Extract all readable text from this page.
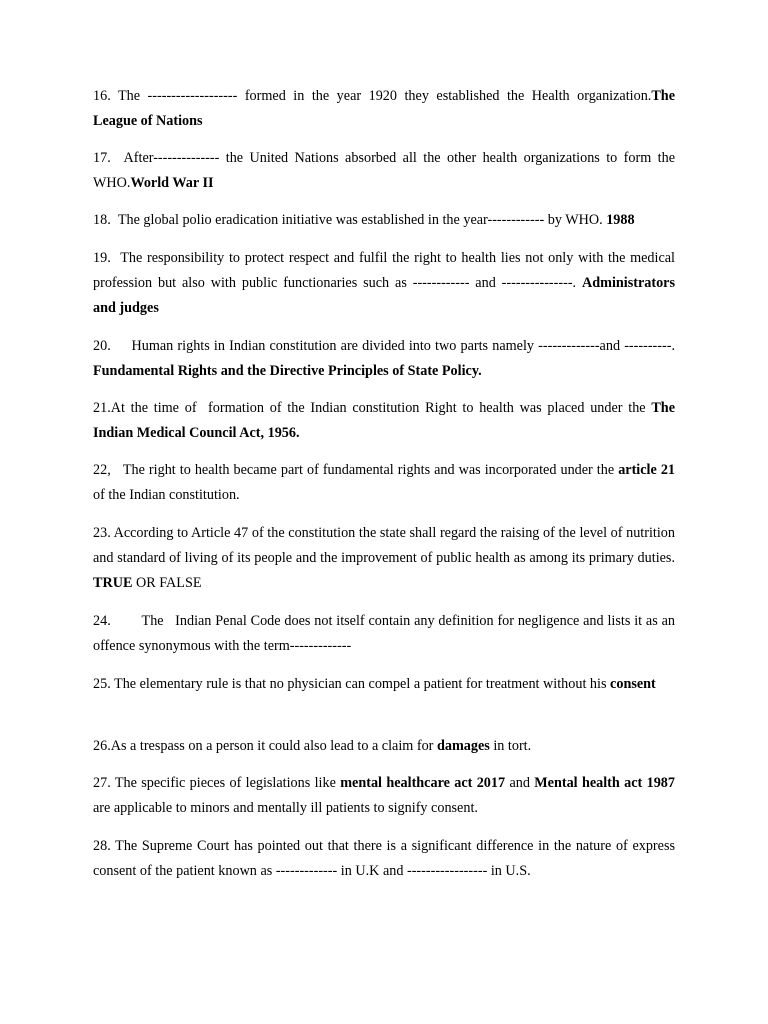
16. The ------------------- formed in the year 1920 they established the Health organization.The League of Nations

17.  After-------------- the United Nations absorbed all the other health organizations to form the WHO.World War II

18.  The global polio eradication initiative was established in the year------------ by WHO. 1988

19.  The responsibility to protect respect and fulfil the right to health lies not only with the medical profession but also with public functionaries such as ------------ and ---------------. Administrators and judges

20.     Human rights in Indian constitution are divided into two parts namely -------------and ----------. Fundamental Rights and the Directive Principles of State Policy.

21.At the time of  formation of the Indian constitution Right to health was placed under the The Indian Medical Council Act, 1956.

22,   The right to health became part of fundamental rights and was incorporated under the article 21 of the Indian constitution.

23. According to Article 47 of the constitution the state shall regard the raising of the level of nutrition and standard of living of its people and the improvement of public health as among its primary duties. TRUE OR FALSE

24.        The   Indian Penal Code does not itself contain any definition for negligence and lists it as an offence synonymous with the term-------------

25. The elementary rule is that no physician can compel a patient for treatment without his consent

26.As a trespass on a person it could also lead to a claim for damages in tort.

27. The specific pieces of legislations like mental healthcare act 2017 and Mental health act 1987 are applicable to minors and mentally ill patients to signify consent.

28. The Supreme Court has pointed out that there is a significant difference in the nature of express consent of the patient known as ------------- in U.K and ----------------- in U.S.
